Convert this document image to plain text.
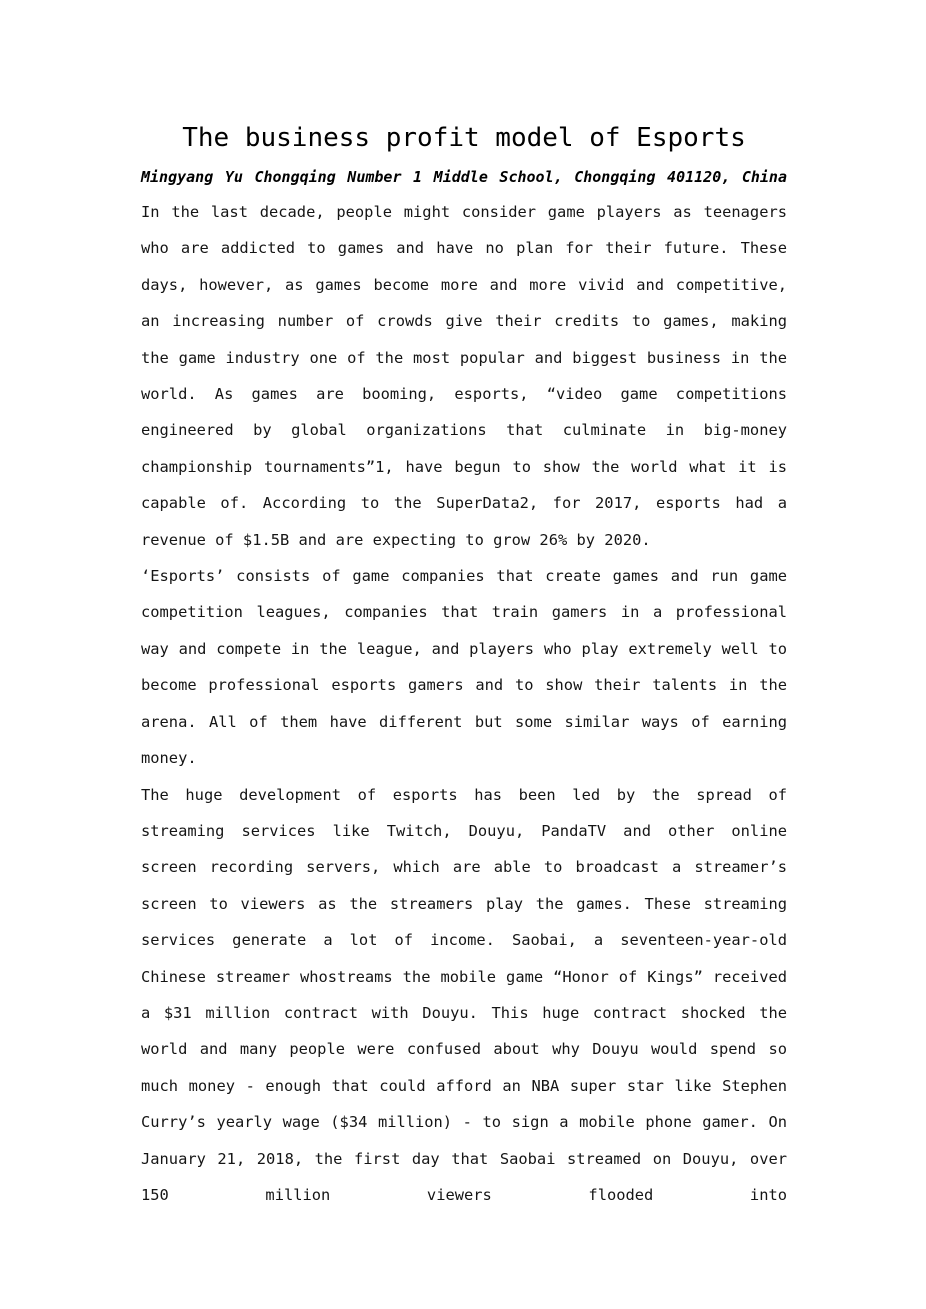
The business profit model of Esports
Mingyang Yu Chongqing Number 1 Middle School, Chongqing 401120, China

In the last decade, people might consider game players as teenagers who are addicted to games and have no plan for their future. These days, however, as games become more and more vivid and competitive, an increasing number of crowds give their credits to games, making the game industry one of the most popular and biggest business in the world. As games are booming, esports, “video game competitions engineered by global organizations that culminate in big-money championship tournaments”1, have begun to show the world what it is capable of. According to the SuperData2, for 2017, esports had a revenue of $1.5B and are expecting to grow 26% by 2020.

‘Esports’ consists of game companies that create games and run game competition leagues, companies that train gamers in a professional way and compete in the league, and players who play extremely well to become professional esports gamers and to show their talents in the arena. All of them have different but some similar ways of earning money.

The huge development of esports has been led by the spread of streaming services like Twitch, Douyu, PandaTV and other online screen recording servers, which are able to broadcast a streamer’s screen to viewers as the streamers play the games. These streaming services generate a lot of income. Saobai, a seventeen-year-old Chinese streamer whostreams the mobile game “Honor of Kings” received a $31 million contract with Douyu. This huge contract shocked the world and many people were confused about why Douyu would spend so much money - enough that could afford an NBA super star like Stephen Curry’s yearly wage ($34 million) - to sign a mobile phone gamer. On January 21, 2018, the first day that Saobai streamed on Douyu, over 150 million viewers flooded into
